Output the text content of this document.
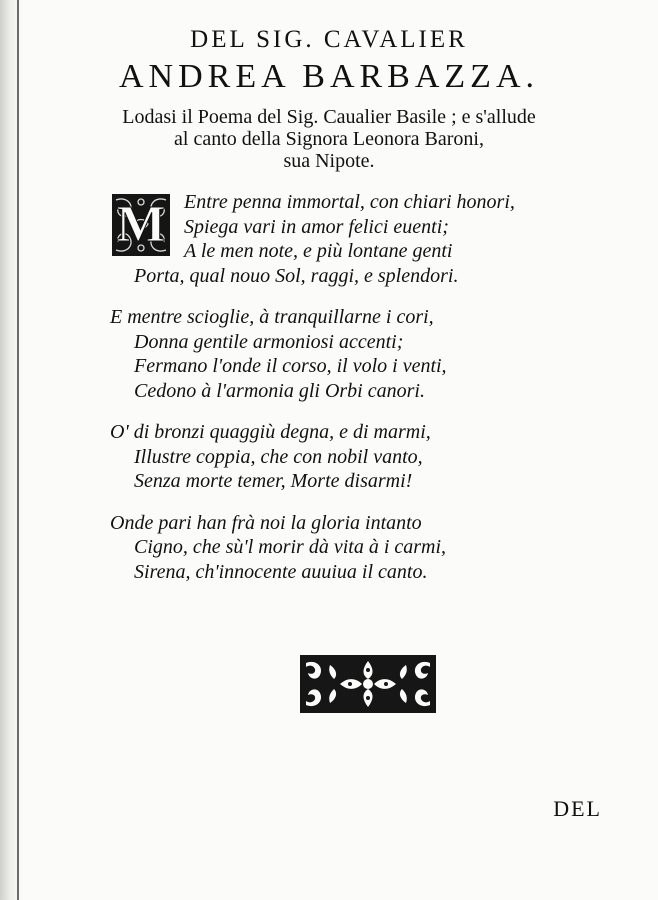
DEL SIG. CAVALIER
ANDREA BARBAZZA.
Lodasi il Poema del Sig. Caualier Basile ; e s'allude
al canto della Signora Leonora Baroni,
sua Nipote.
M Entre penna immortal, con chiari honori,
Spiega vari in amor felici euenti;
A le men note, e più lontane genti
Porta, qual nouo Sol, raggi, e splendori.
E mentre scioglie, à tranquillarne i cori,
Donna gentile armoniosi accenti;
Fermano l'onde il corso, il volo i venti,
Cedono à l'armonia gli Orbi canori.
O' di bronzi quaggiù degna, e di marmi,
Illustre coppia, che con nobil vanto,
Senza morte temer, Morte disarmi!
Onde pari han frà noi la gloria intanto
Cigno, che sù'l morir dà vita à i carmi,
Sirena, ch'innocente auuiua il canto.
DEL
